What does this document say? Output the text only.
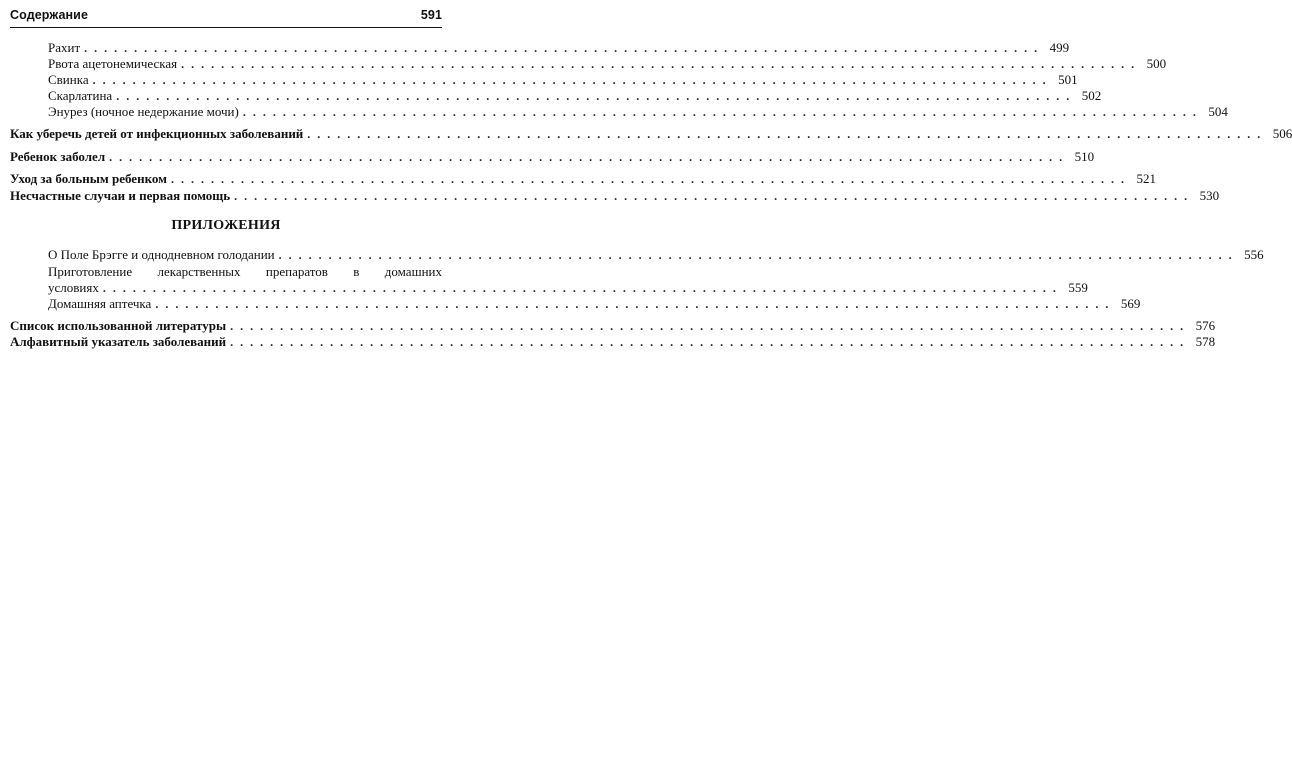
Содержание	591
Рахит ................................................................................................ 499
Рвота ацетонемическая ................................................................................................ 500
Свинка ................................................................................................ 501
Скарлатина ................................................................................................ 502
Энурез (ночное недержание мочи) ................................................................................................ 504
Как уберечь детей от инфекционных заболеваний ................................................................................................ 506
Ребенок заболел ................................................................................................ 510
Уход за больным ребенком ................................................................................................ 521
Несчастные случаи и первая помощь ................................................................................................ 530
ПРИЛОЖЕНИЯ
О Поле Брэгге и однодневном голодании ................................................................................................ 556
Приготовление лекарственных препаратов в домашних
условиях ................................................................................................ 559
Домашняя аптечка ................................................................................................ 569
Список использованной литературы ................................................................................................ 576
Алфавитный указатель заболеваний ................................................................................................ 578
